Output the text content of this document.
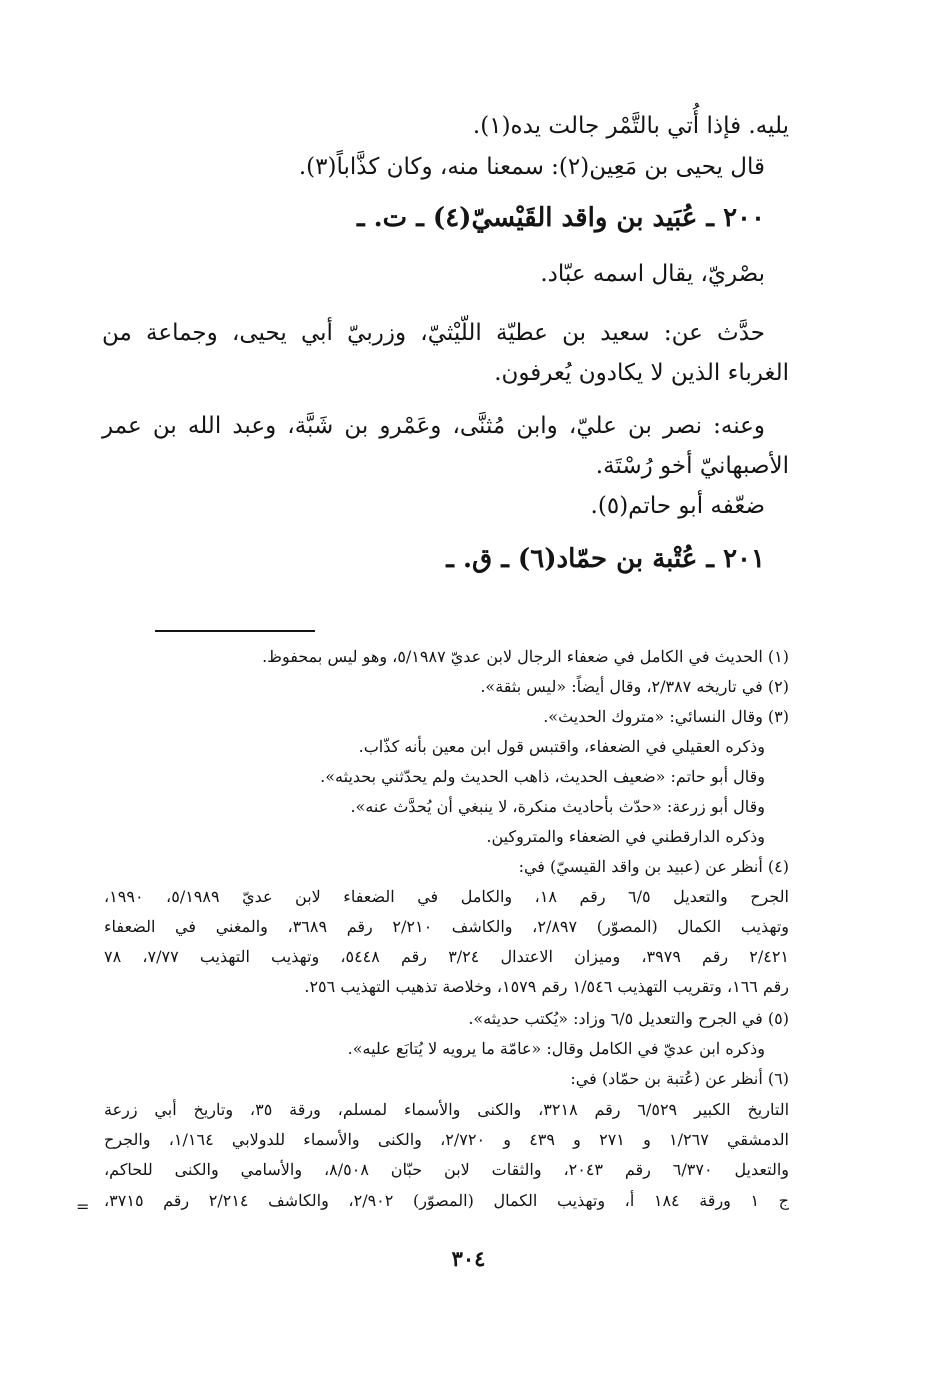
يليه. فإذا أُتي بالتَّمْر جالت يده(١).
قال يحيى بن مَعِين(٢): سمعنا منه، وكان كذَّاباً(٣).
٢٠٠ ـ عُبَيد بن واقد القَيْسيّ(٤) ـ ت. ـ
بصْريّ، يقال اسمه عبّاد.
حدَّث عن: سعيد بن عطيّة اللّيْثيّ، وزربيّ أبي يحيى، وجماعة من
الغرباء الذين لا يكادون يُعرفون.
وعنه: نصر بن عليّ، وابن مُثنَّى، وعَمْرو بن شَبَّة، وعبد الله بن عمر
الأصبهانيّ أخو رُسْتَة.
ضعّفه أبو حاتم(٥).
٢٠١ ـ عُتْبة بن حمّاد(٦) ـ ق. ـ
(١) الحديث في الكامل في ضعفاء الرجال لابن عديّ ٥/١٩٨٧، وهو ليس بمحفوظ.
(٢) في تاريخه ٢/٣٨٧، وقال أيضاً: «ليس بثقة».
(٣) وقال النسائي: «متروك الحديث».
وذكره العقيلي في الضعفاء، واقتبس قول ابن معين بأنه كذّاب.
وقال أبو حاتم: «ضعيف الحديث، ذاهب الحديث ولم يحدّثني بحديثه».
وقال أبو زرعة: «حدّث بأحاديث منكرة، لا ينبغي أن يُحدَّث عنه».
وذكره الدارقطني في الضعفاء والمتروكين.
(٤) أنظر عن (عبيد بن واقد القيسيّ) في:
الجرح والتعديل ٦/٥ رقم ١٨، والكامل في الضعفاء لابن عديّ ٥/١٩٨٩، ١٩٩٠،
وتهذيب الكمال (المصوّر) ٢/٨٩٧، والكاشف ٢/٢١٠ رقم ٣٦٨٩، والمغني في الضعفاء
٢/٤٢١ رقم ٣٩٧٩، وميزان الاعتدال ٣/٢٤ رقم ٥٤٤٨، وتهذيب التهذيب ٧/٧٧، ٧٨
رقم ١٦٦، وتقريب التهذيب ١/٥٤٦ رقم ١٥٧٩، وخلاصة تذهيب التهذيب ٢٥٦.
(٥) في الجرح والتعديل ٦/٥ وزاد: «يُكتب حديثه».
وذكره ابن عديّ في الكامل وقال: «عامّة ما يرويه لا يُتابَع عليه».
(٦) أنظر عن (عُتبة بن حمّاد) في:
التاريخ الكبير ٦/٥٢٩ رقم ٣٢١٨، والكنى والأسماء لمسلم، ورقة ٣٥، وتاريخ أبي زرعة
الدمشقي ١/٢٦٧ و ٢٧١ و ٤٣٩ و ٢/٧٢٠، والكنى والأسماء للدولابي ١/١٦٤، والجرح
والتعديل ٦/٣٧٠ رقم ٢٠٤٣، والثقات لابن حبّان ٨/٥٠٨، والأسامي والكنى للحاكم،
ج ١ ورقة ١٨٤ أ، وتهذيب الكمال (المصوّر) ٢/٩٠٢، والكاشف ٢/٢١٤ رقم ٣٧١٥،
=
٣٠٤
